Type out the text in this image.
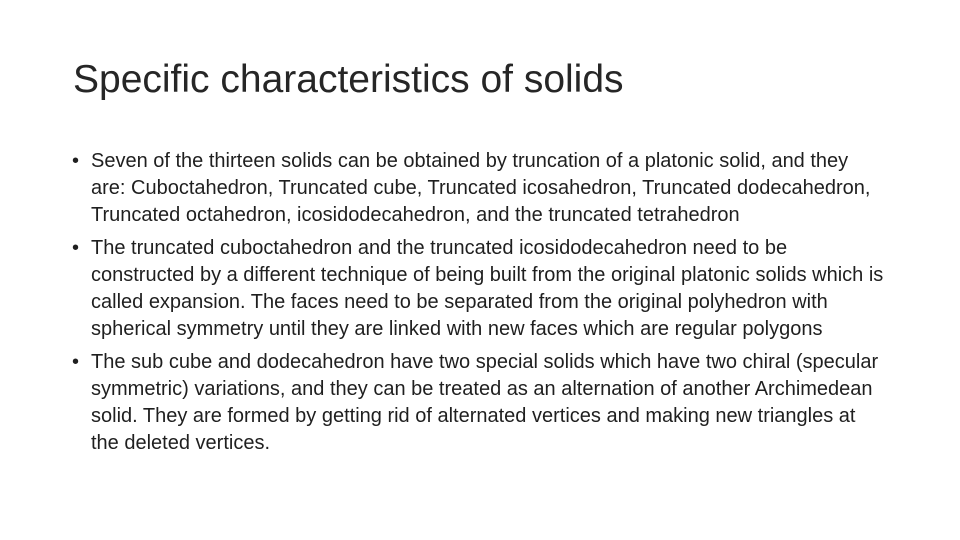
Specific characteristics of solids
• Seven of the thirteen solids can be obtained by truncation of a platonic solid, and they are: Cuboctahedron, Truncated cube, Truncated icosahedron, Truncated dodecahedron, Truncated octahedron, icosidodecahedron, and the truncated tetrahedron
• The truncated cuboctahedron and the truncated icosidodecahedron need to be constructed by a different technique of being built from the original platonic solids which is called expansion. The faces need to be separated from the original polyhedron with spherical symmetry until they are linked with new faces which are regular polygons
• The sub cube and dodecahedron have two special solids which have two chiral (specular symmetric) variations, and they can be treated as an alternation of another Archimedean solid. They are formed by getting rid of alternated vertices and making new triangles at the deleted vertices.
